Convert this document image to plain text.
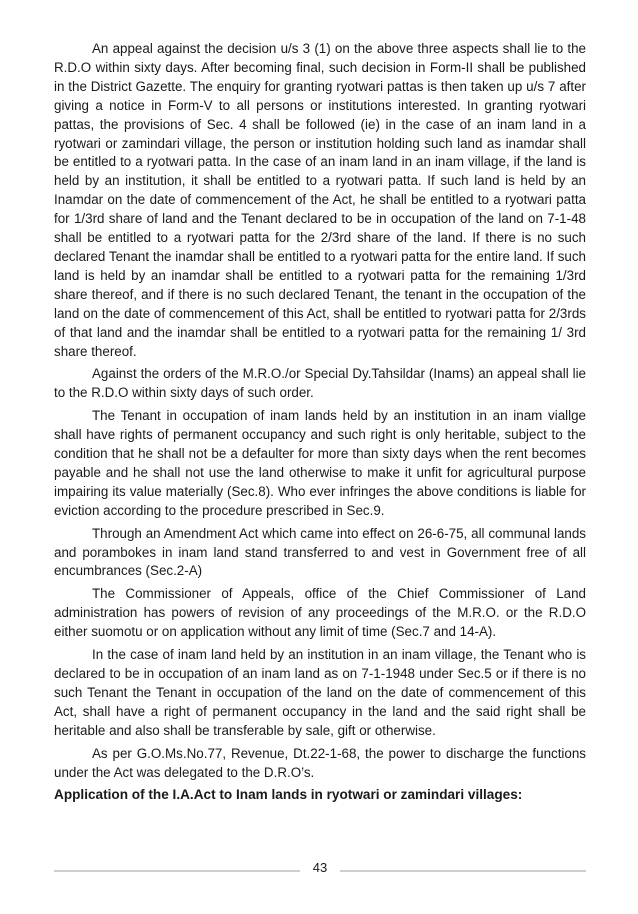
An appeal against the decision u/s 3 (1) on the above three aspects shall lie to the R.D.O within sixty days. After becoming final, such decision in Form-II shall be published in the District Gazette. The enquiry for granting ryotwari pattas is then taken up u/s 7 after giving a notice in Form-V to all persons or institutions interested. In granting ryotwari pattas, the provisions of Sec. 4 shall be followed (ie) in the case of an inam land in a ryotwari or zamindari village, the person or institution holding such land as inamdar shall be entitled to a ryotwari patta. In the case of an inam land in an inam village, if the land is held by an institution, it shall be entitled to a ryotwari patta. If such land is held by an Inamdar on the date of commencement of the Act, he shall be entitled to a ryotwari patta for 1/3rd share of land and the Tenant declared to be in occupation of the land on 7-1-48 shall be entitled to a ryotwari patta for the 2/3rd share of the land. If there is no such declared Tenant the inamdar shall be entitled to a ryotwari patta for the entire land. If such land is held by an inamdar shall be entitled to a ryotwari patta for the remaining 1/3rd share thereof, and if there is no such declared Tenant, the tenant in the occupation of the land on the date of commencement of this Act, shall be entitled to ryotwari patta for 2/3rds of that land and the inamdar shall be entitled to a ryotwari patta for the remaining 1/ 3rd share thereof.

Against the orders of the M.R.O./or Special Dy.Tahsildar (Inams) an appeal shall lie to the R.D.O within sixty days of such order.

The Tenant in occupation of inam lands held by an institution in an inam viallge shall have rights of permanent occupancy and such right is only heritable, subject to the condition that he shall not be a defaulter for more than sixty days when the rent becomes payable and he shall not use the land otherwise to make it unfit for agricultural purpose impairing its value materially (Sec.8). Who ever infringes the above conditions is liable for eviction according to the procedure prescribed in Sec.9.

Through an Amendment Act which came into effect on 26-6-75, all communal lands and porambokes in inam land stand transferred to and vest in Government free of all encumbrances (Sec.2-A)

The Commissioner of Appeals, office of the Chief Commissioner of Land administration has powers of revision of any proceedings of the M.R.O. or the R.D.O either suomotu or on application without any limit of time (Sec.7 and 14-A).

In the case of inam land held by an institution in an inam village, the Tenant who is declared to be in occupation of an inam land as on 7-1-1948 under Sec.5 or if there is no such Tenant the Tenant in occupation of the land on the date of commencement of this Act, shall have a right of permanent occupancy in the land and the said right shall be heritable and also shall be transferable by sale, gift or otherwise.

As per G.O.Ms.No.77, Revenue, Dt.22-1-68, the power to discharge the functions under the Act was delegated to the D.R.O’s.

Application of the I.A.Act to Inam lands in ryotwari or zamindari villages:

43
